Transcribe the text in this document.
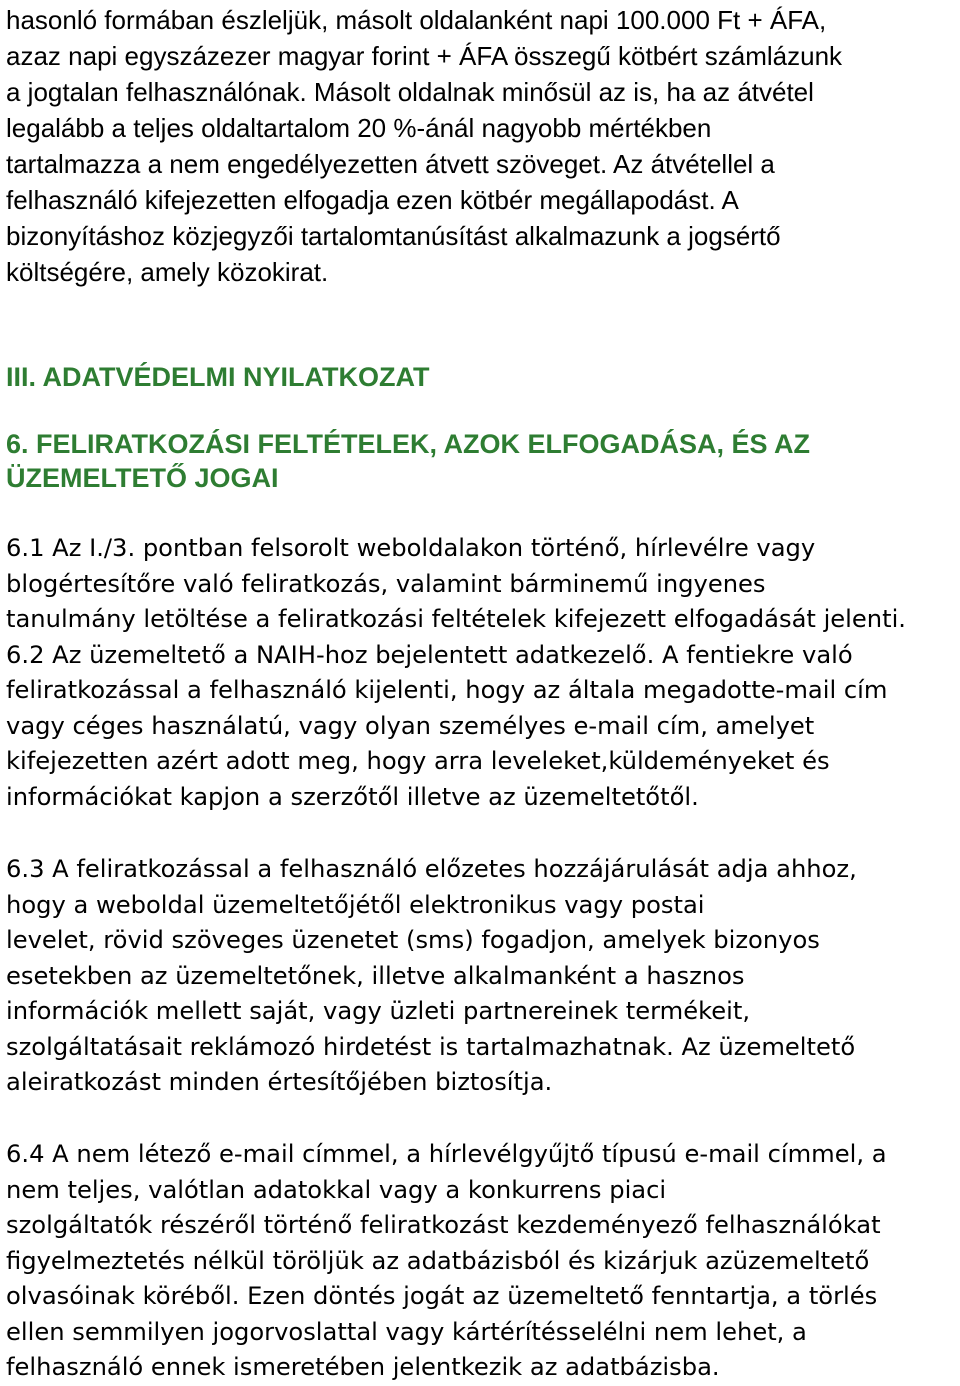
hasonló formában észleljük, másolt oldalanként napi 100.000 Ft + ÁFA,
azaz napi egyszázezer magyar forint + ÁFA összegű kötbért számlázunk
a jogtalan felhasználónak. Másolt oldalnak minősül az is, ha az átvétel
legalább a teljes oldaltartalom 20 %-ánál nagyobb mértékben
tartalmazza a nem engedélyezetten átvett szöveget. Az átvétellel a
felhasználó kifejezetten elfogadja ezen kötbér megállapodást. A
bizonyításhoz közjegyzői tartalomtanúsítást alkalmazunk a jogsértő
költségére, amely közokirat.
III. ADATVÉDELMI NYILATKOZAT
6. FELIRATKOZÁSI FELTÉTELEK, AZOK ELFOGADÁSA, ÉS AZ
ÜZEMELTETŐ JOGAI
6.1 Az I./3. pontban felsorolt weboldalakon történő, hírlevélre vagy
blogértesítőre való feliratkozás, valamint bárminemű ingyenes
tanulmány letöltése a feliratkozási feltételek kifejezett elfogadását jelenti.
6.2 Az üzemeltető a NAIH-hoz bejelentett adatkezelő. A fentiekre való
feliratkozással a felhasználó kijelenti, hogy az általa megadotte-mail cím
vagy céges használatú, vagy olyan személyes e-mail cím, amelyet
kifejezetten azért adott meg, hogy arra leveleket,küldeményeket és
információkat kapjon a szerzőtől illetve az üzemeltetőtől.
6.3 A feliratkozással a felhasználó előzetes hozzájárulását adja ahhoz,
hogy a weboldal üzemeltetőjétől elektronikus vagy postai
levelet, rövid szöveges üzenetet (sms) fogadjon, amelyek bizonyos
esetekben az üzemeltetőnek, illetve alkalmanként a hasznos
információk mellett saját, vagy üzleti partnereinek termékeit,
szolgáltatásait reklámozó hirdetést is tartalmazhatnak. Az üzemeltető
aleiratkozást minden értesítőjében biztosítja.
6.4 A nem létező e-mail címmel, a hírlevélgyűjtő típusú e-mail címmel, a
nem teljes, valótlan adatokkal vagy a konkurrens piaci
szolgáltatók részéről történő feliratkozást kezdeményező felhasználókat
figyelmeztetés nélkül töröljük az adatbázisból és kizárjuk azüzemeltető
olvasóinak köréből. Ezen döntés jogát az üzemeltető fenntartja, a törlés
ellen semmilyen jogorvoslattal vagy kártérítésselélni nem lehet, a
felhasználó ennek ismeretében jelentkezik az adatbázisba.
